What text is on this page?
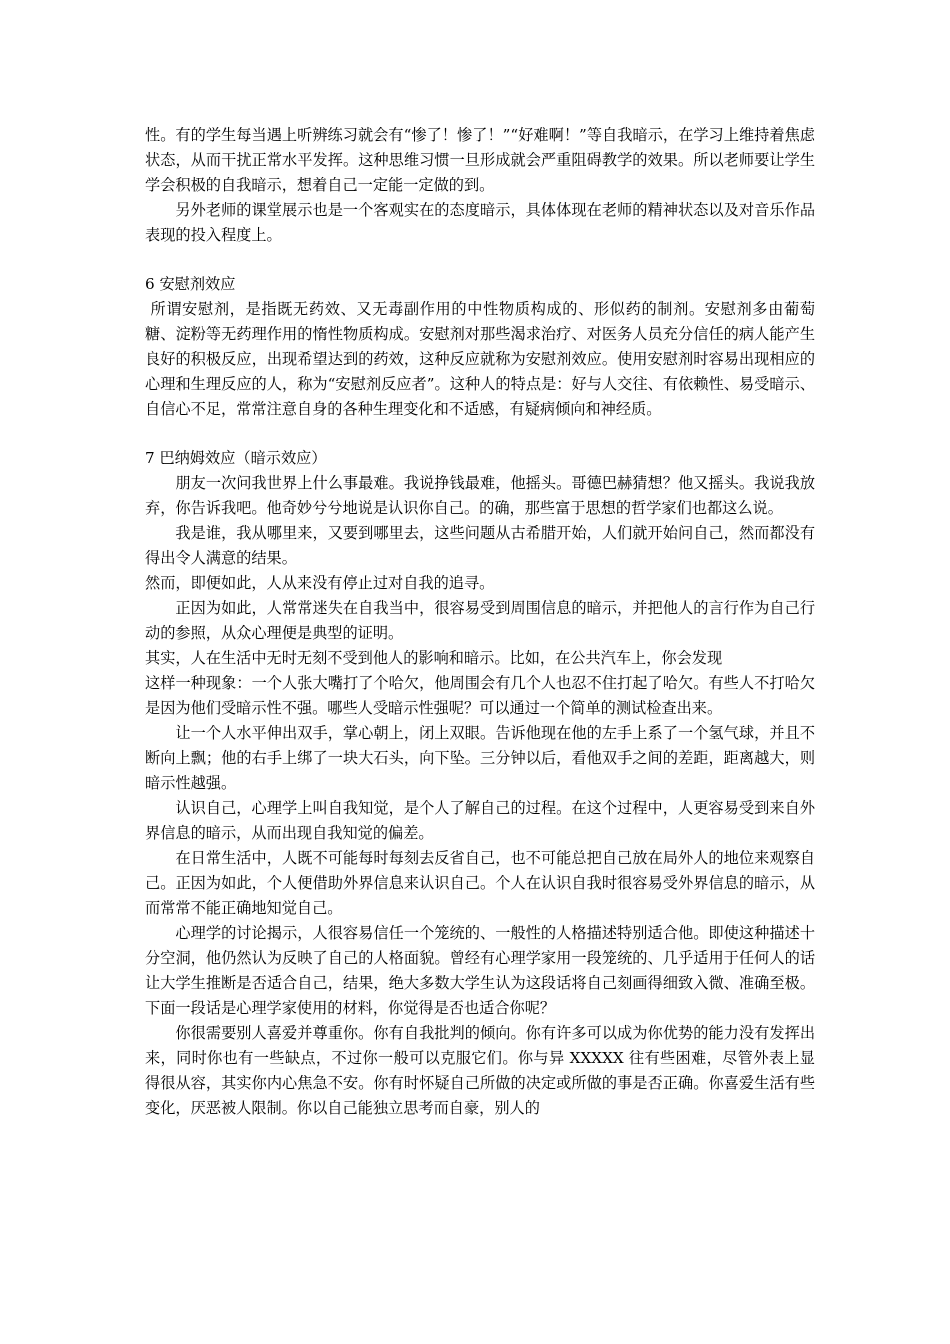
性。有的学生每当遇上听辨练习就会有“惨了！惨了！”“好难啊！”等自我暗示，在学习上维持着焦虑状态，从而干扰正常水平发挥。这种思维习惯一旦形成就会严重阻碍教学的效果。所以老师要让学生学会积极的自我暗示，想着自己一定能一定做的到。

另外老师的课堂展示也是一个客观实在的态度暗示，具体体现在老师的精神状态以及对音乐作品表现的投入程度上。

6 安慰剂效应

所谓安慰剂，是指既无药效、又无毒副作用的中性物质构成的、形似药的制剂。安慰剂多由葡萄糖、淀粉等无药理作用的惰性物质构成。安慰剂对那些渴求治疗、对医务人员充分信任的病人能产生良好的积极反应，出现希望达到的药效，这种反应就称为安慰剂效应。使用安慰剂时容易出现相应的心理和生理反应的人，称为“安慰剂反应者”。这种人的特点是：好与人交往、有依赖性、易受暗示、自信心不足，常常注意自身的各种生理变化和不适感，有疑病倾向和神经质。

7 巴纳姆效应（暗示效应）

朋友一次问我世界上什么事最难。我说挣钱最难，他摇头。哥德巴赫猜想？他又摇头。我说我放弃，你告诉我吧。他奇妙兮兮地说是认识你自己。的确，那些富于思想的哲学家们也都这么说。

我是谁，我从哪里来，又要到哪里去，这些问题从古希腊开始，人们就开始问自己，然而都没有得出令人满意的结果。

然而，即便如此，人从来没有停止过对自我的追寻。

正因为如此，人常常迷失在自我当中，很容易受到周围信息的暗示，并把他人的言行作为自己行动的参照，从众心理便是典型的证明。

其实，人在生活中无时无刻不受到他人的影响和暗示。比如，在公共汽车上，你会发现

这样一种现象：一个人张大嘴打了个哈欠，他周围会有几个人也忍不住打起了哈欠。有些人不打哈欠是因为他们受暗示性不强。哪些人受暗示性强呢？可以通过一个简单的测试检查出来。

让一个人水平伸出双手，掌心朝上，闭上双眼。告诉他现在他的左手上系了一个氢气球，并且不断向上飘；他的右手上绑了一块大石头，向下坠。三分钟以后，看他双手之间的差距，距离越大，则暗示性越强。

认识自己，心理学上叫自我知觉，是个人了解自己的过程。在这个过程中，人更容易受到来自外界信息的暗示，从而出现自我知觉的偏差。

在日常生活中，人既不可能每时每刻去反省自己，也不可能总把自己放在局外人的地位来观察自己。正因为如此，个人便借助外界信息来认识自己。个人在认识自我时很容易受外界信息的暗示，从而常常不能正确地知觉自己。

心理学的讨论揭示，人很容易信任一个笼统的、一般性的人格描述特别适合他。即使这种描述十分空洞，他仍然认为反映了自己的人格面貌。曾经有心理学家用一段笼统的、几乎适用于任何人的话让大学生推断是否适合自己，结果，绝大多数大学生认为这段话将自己刻画得细致入微、准确至极。下面一段话是心理学家使用的材料，你觉得是否也适合你呢？

你很需要别人喜爱并尊重你。你有自我批判的倾向。你有许多可以成为你优势的能力没有发挥出来，同时你也有一些缺点，不过你一般可以克服它们。你与异 XXXXX 往有些困难，尽管外表上显得很从容，其实你内心焦急不安。你有时怀疑自己所做的决定或所做的事是否正确。你喜爱生活有些变化，厌恶被人限制。你以自己能独立思考而自豪，别人的
